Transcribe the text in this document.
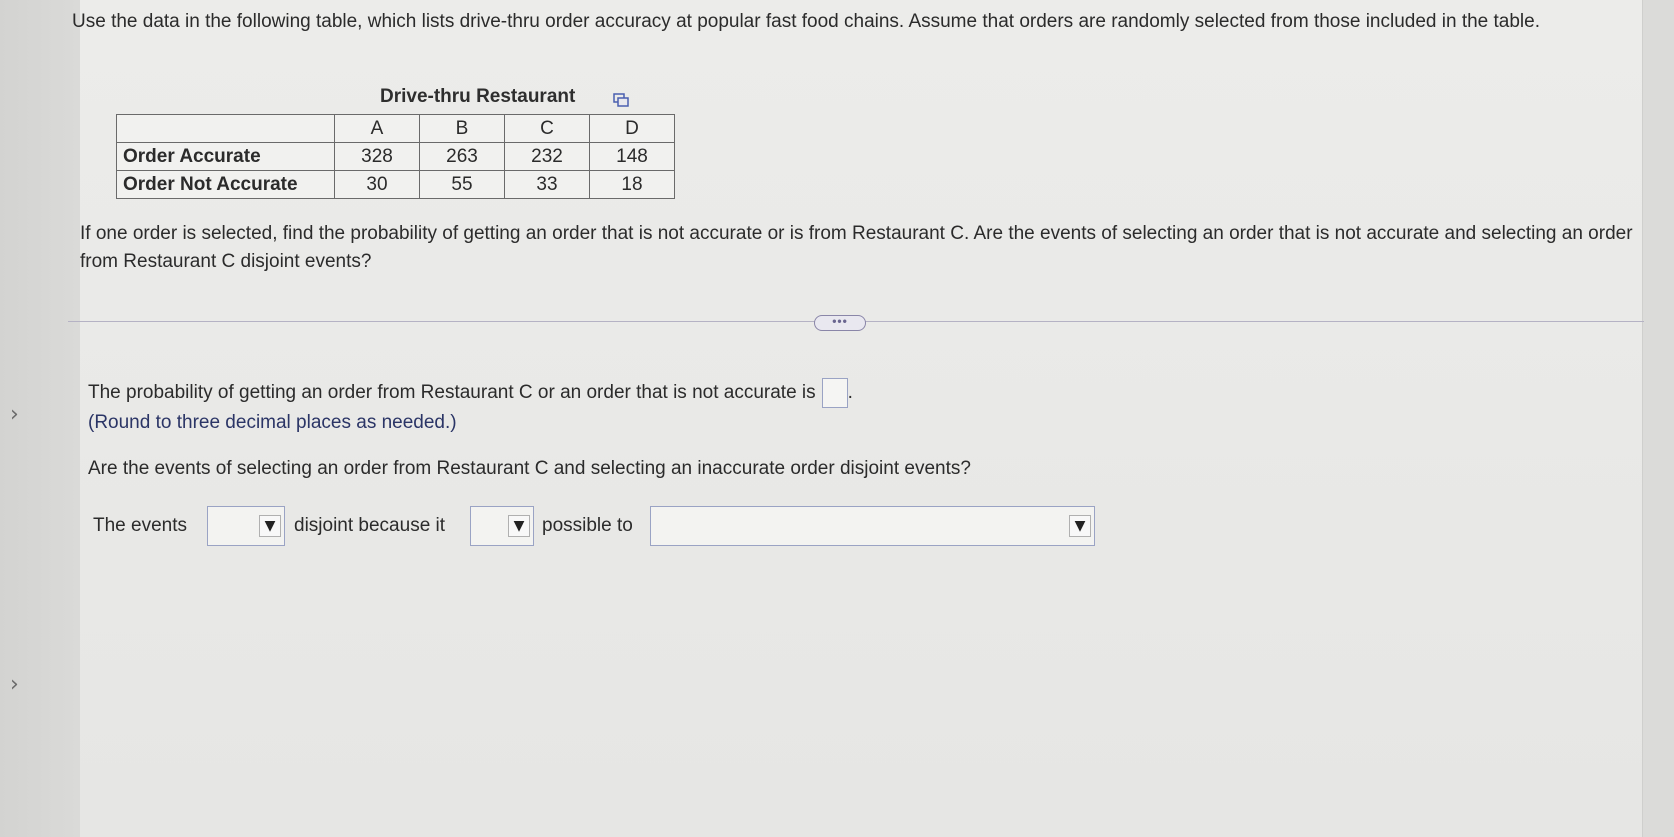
›
›
Use the data in the following table, which lists drive-thru order accuracy at popular fast food chains. Assume that orders are randomly selected from those included in the table.
Drive-thru Restaurant
	A	B	C	D
Order Accurate	328	263	232	148
Order Not Accurate	30	55	33	18
If one order is selected, find the probability of getting an order that is not accurate or is from Restaurant C. Are the events of selecting an order that is not accurate and selecting an order from Restaurant C disjoint events?
•••
The probability of getting an order from Restaurant C or an order that is not accurate is .
(Round to three decimal places as needed.)
Are the events of selecting an order from Restaurant C and selecting an inaccurate order disjoint events?
The events	▼ disjoint because it	▼ possible to	▼
